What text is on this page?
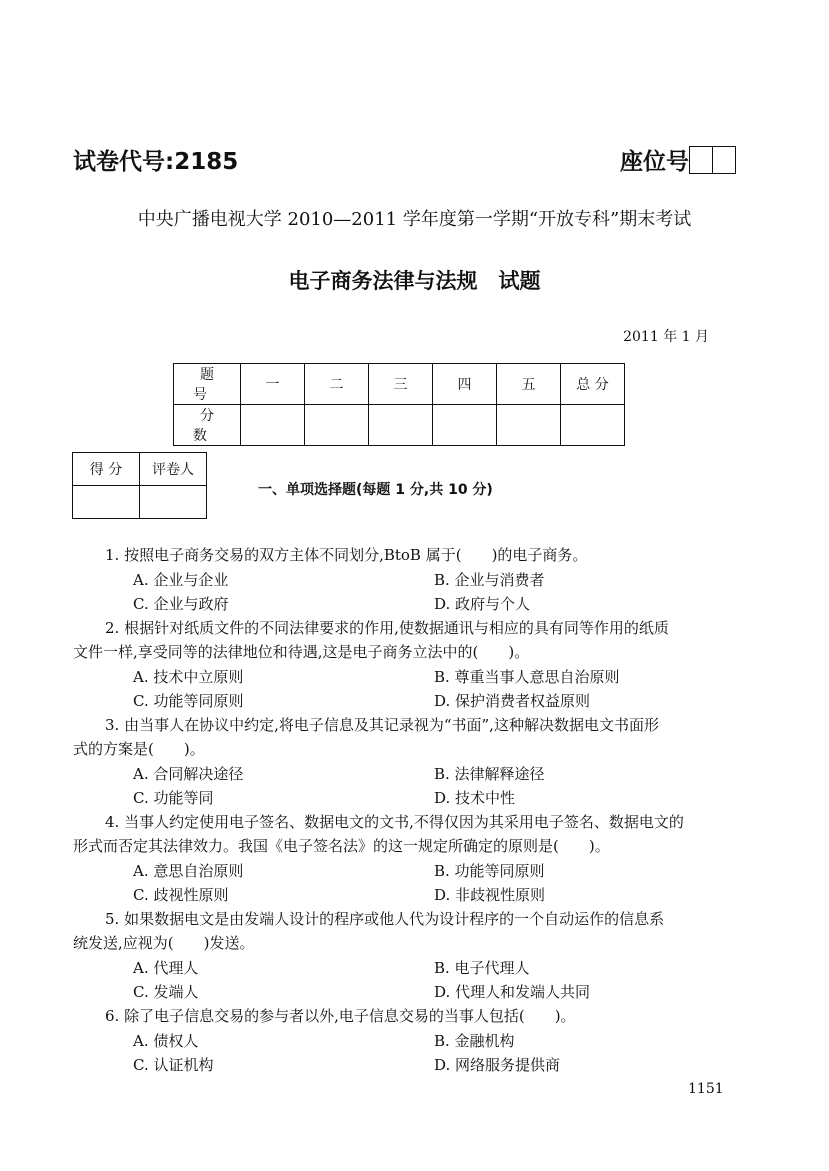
试卷代号:2185	座位号
中央广播电视大学 2010—2011 学年度第一学期“开放专科”期末考试
电子商务法律与法规　试题
2011 年 1 月
题 号	一	二	三	四	五	总 分
分 数						
得 分	评卷人

一、单项选择题(每题 1 分,共 10 分)
1. 按照电子商务交易的双方主体不同划分,BtoB 属于(　　)的电子商务。
A. 企业与企业	B. 企业与消费者
C. 企业与政府	D. 政府与个人
2. 根据针对纸质文件的不同法律要求的作用,使数据通讯与相应的具有同等作用的纸质
文件一样,享受同等的法律地位和待遇,这是电子商务立法中的(　　)。
A. 技术中立原则	B. 尊重当事人意思自治原则
C. 功能等同原则	D. 保护消费者权益原则
3. 由当事人在协议中约定,将电子信息及其记录视为“书面”,这种解决数据电文书面形
式的方案是(　　)。
A. 合同解决途径	B. 法律解释途径
C. 功能等同	D. 技术中性
4. 当事人约定使用电子签名、数据电文的文书,不得仅因为其采用电子签名、数据电文的
形式而否定其法律效力。我国《电子签名法》的这一规定所确定的原则是(　　)。
A. 意思自治原则	B. 功能等同原则
C. 歧视性原则	D. 非歧视性原则
5. 如果数据电文是由发端人设计的程序或他人代为设计程序的一个自动运作的信息系
统发送,应视为(　　)发送。
A. 代理人	B. 电子代理人
C. 发端人	D. 代理人和发端人共同
6. 除了电子信息交易的参与者以外,电子信息交易的当事人包括(　　)。
A. 债权人	B. 金融机构
C. 认证机构	D. 网络服务提供商
1151
